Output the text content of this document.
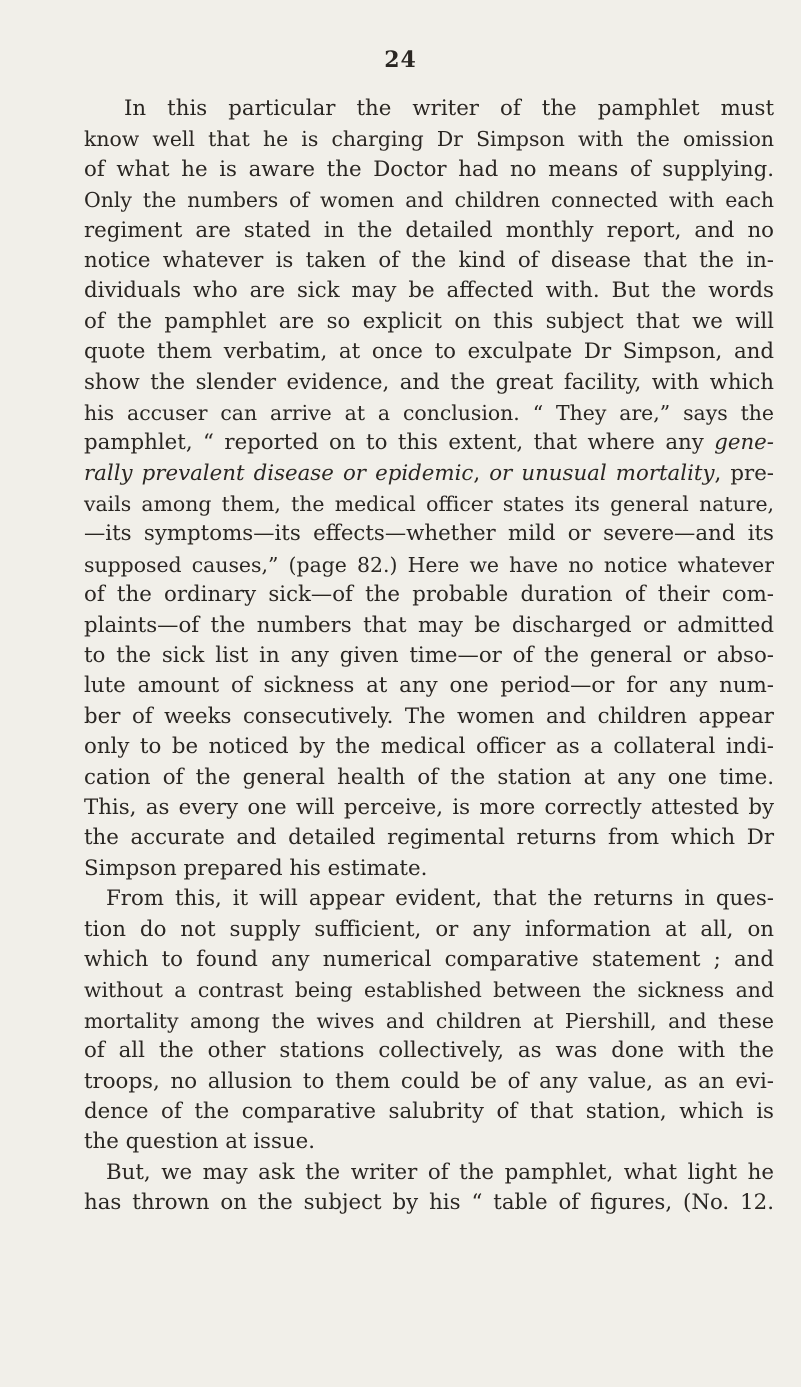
24
In this particular the writer of the pamphlet must
know well that he is charging Dr Simpson with the omission
of what he is aware the Doctor had no means of supplying.
Only the numbers of women and children connected with each
regiment are stated in the detailed monthly report, and no
notice whatever is taken of the kind of disease that the in-
dividuals who are sick may be affected with. But the words
of the pamphlet are so explicit on this subject that we will
quote them verbatim, at once to exculpate Dr Simpson, and
show the slender evidence, and the great facility, with which
his accuser can arrive at a conclusion. “ They are,” says the
pamphlet, “ reported on to this extent, that where any gene-
rally prevalent disease or epidemic, or unusual mortality, pre-
vails among them, the medical officer states its general nature,
—its symptoms—its effects—whether mild or severe—and its
supposed causes,” (page 82.) Here we have no notice whatever
of the ordinary sick—of the probable duration of their com-
plaints—of the numbers that may be discharged or admitted
to the sick list in any given time—or of the general or abso-
lute amount of sickness at any one period—or for any num-
ber of weeks consecutively. The women and children appear
only to be noticed by the medical officer as a collateral indi-
cation of the general health of the station at any one time.
This, as every one will perceive, is more correctly attested by
the accurate and detailed regimental returns from which Dr
Simpson prepared his estimate.
From this, it will appear evident, that the returns in ques-
tion do not supply sufficient, or any information at all, on
which to found any numerical comparative statement ; and
without a contrast being established between the sickness and
mortality among the wives and children at Piershill, and these
of all the other stations collectively, as was done with the
troops, no allusion to them could be of any value, as an evi-
dence of the comparative salubrity of that station, which is
the question at issue.
But, we may ask the writer of the pamphlet, what light he
has thrown on the subject by his “ table of figures, (No. 12.
